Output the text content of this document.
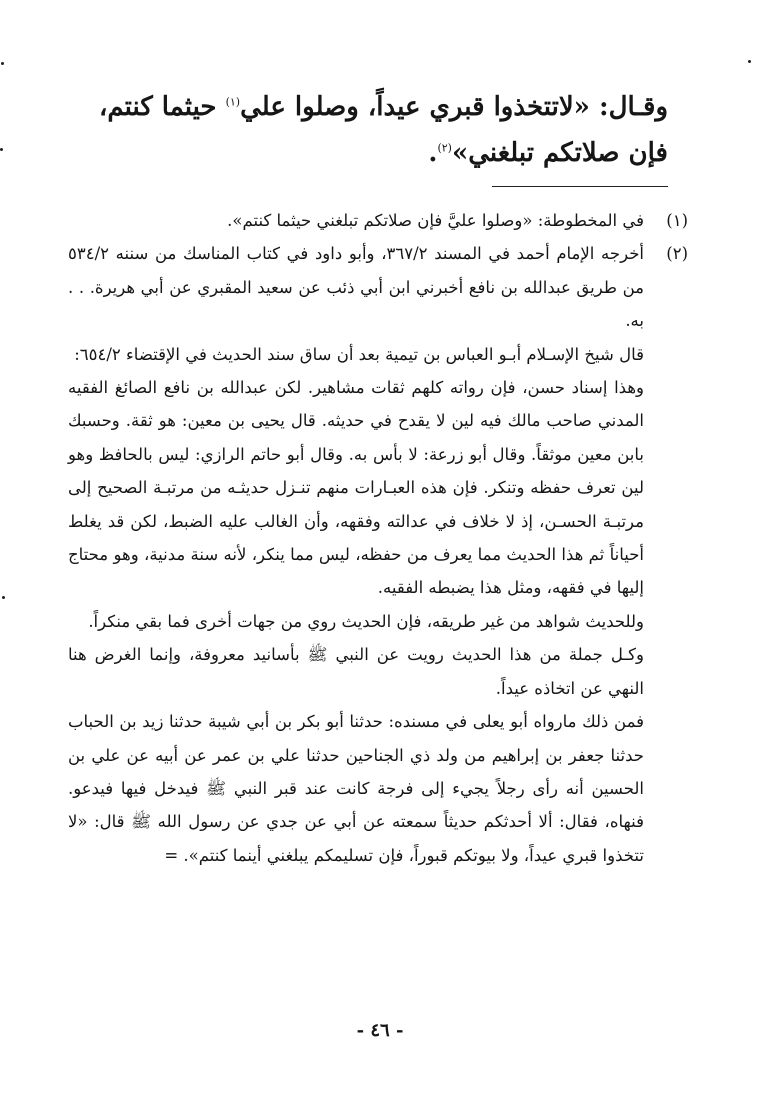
وقـال: «لاتتخذوا قبري عيداً، وصلوا علي$^{(١)}$ حيثما كنتم، فإن صلاتكم تبلغني»$^{(٢)}$.

(١)

في المخطوطة: «وصلوا عليَّ فإن صلاتكم تبلغني حيثما كنتم».

(٢)

أخرجه الإمام أحمد في المسند ٣٦٧/٢، وأبو داود في كتاب المناسك من سننه ٥٣٤/٢ من طريق عبدالله بن نافع أخبرني ابن أبي ذئب عن سعيد المقبري عن أبي هريرة. . . به.

قال شيخ الإسـلام أبـو العباس بن تيمية بعد أن ساق سند الحديث في الإقتضاء ٦٥٤/٢:

وهذا إسناد حسن، فإن رواته كلهم ثقات مشاهير. لكن عبدالله بن نافع الصائغ الفقيه المدني صاحب مالك فيه لين لا يقدح في حديثه. قال يحيى بن معين: هو ثقة. وحسبك بابن معين موثقاً. وقال أبو زرعة: لا بأس به. وقال أبو حاتم الرازي: ليس بالحافظ وهو لين تعرف حفظه وتنكر. فإن هذه العبـارات منهم تنـزل حديثـه من مرتبـة الصحيح إلى مرتبـة الحسـن، إذ لا خلاف في عدالته وفقهه، وأن الغالب عليه الضبط، لكن قد يغلط أحياناً ثم هذا الحديث مما يعرف من حفظه، ليس مما ينكر، لأنه سنة مدنية، وهو محتاج إليها في فقهه، ومثل هذا يضبطه الفقيه.

وللحديث شواهد من غير طريقه، فإن الحديث روي من جهات أخرى فما بقي منكراً.

وكـل جملة من هذا الحديث رويت عن النبي ﷺ بأسانيد معروفة، وإنما الغرض هنا النهي عن اتخاذه عيداً.

فمن ذلك مارواه أبو يعلى في مسنده: حدثنا أبو بكر بن أبي شيبة حدثنا زيد بن الحباب حدثنا جعفر بن إبراهيم من ولد ذي الجناحين حدثنا علي بن عمر عن أبيه عن علي بن الحسين أنه رأى رجلاً يجيء إلى فرجة كانت عند قبر النبي ﷺ فيدخل فيها فيدعو. فنهاه، فقال: ألا أحدثكم حديثاً سمعته عن أبي عن جدي عن رسول الله ﷺ قال: «لا تتخذوا قبري عيداً، ولا بيوتكم قبوراً، فإن تسليمكم يبلغني أينما كنتم». =

- ٤٦ -
